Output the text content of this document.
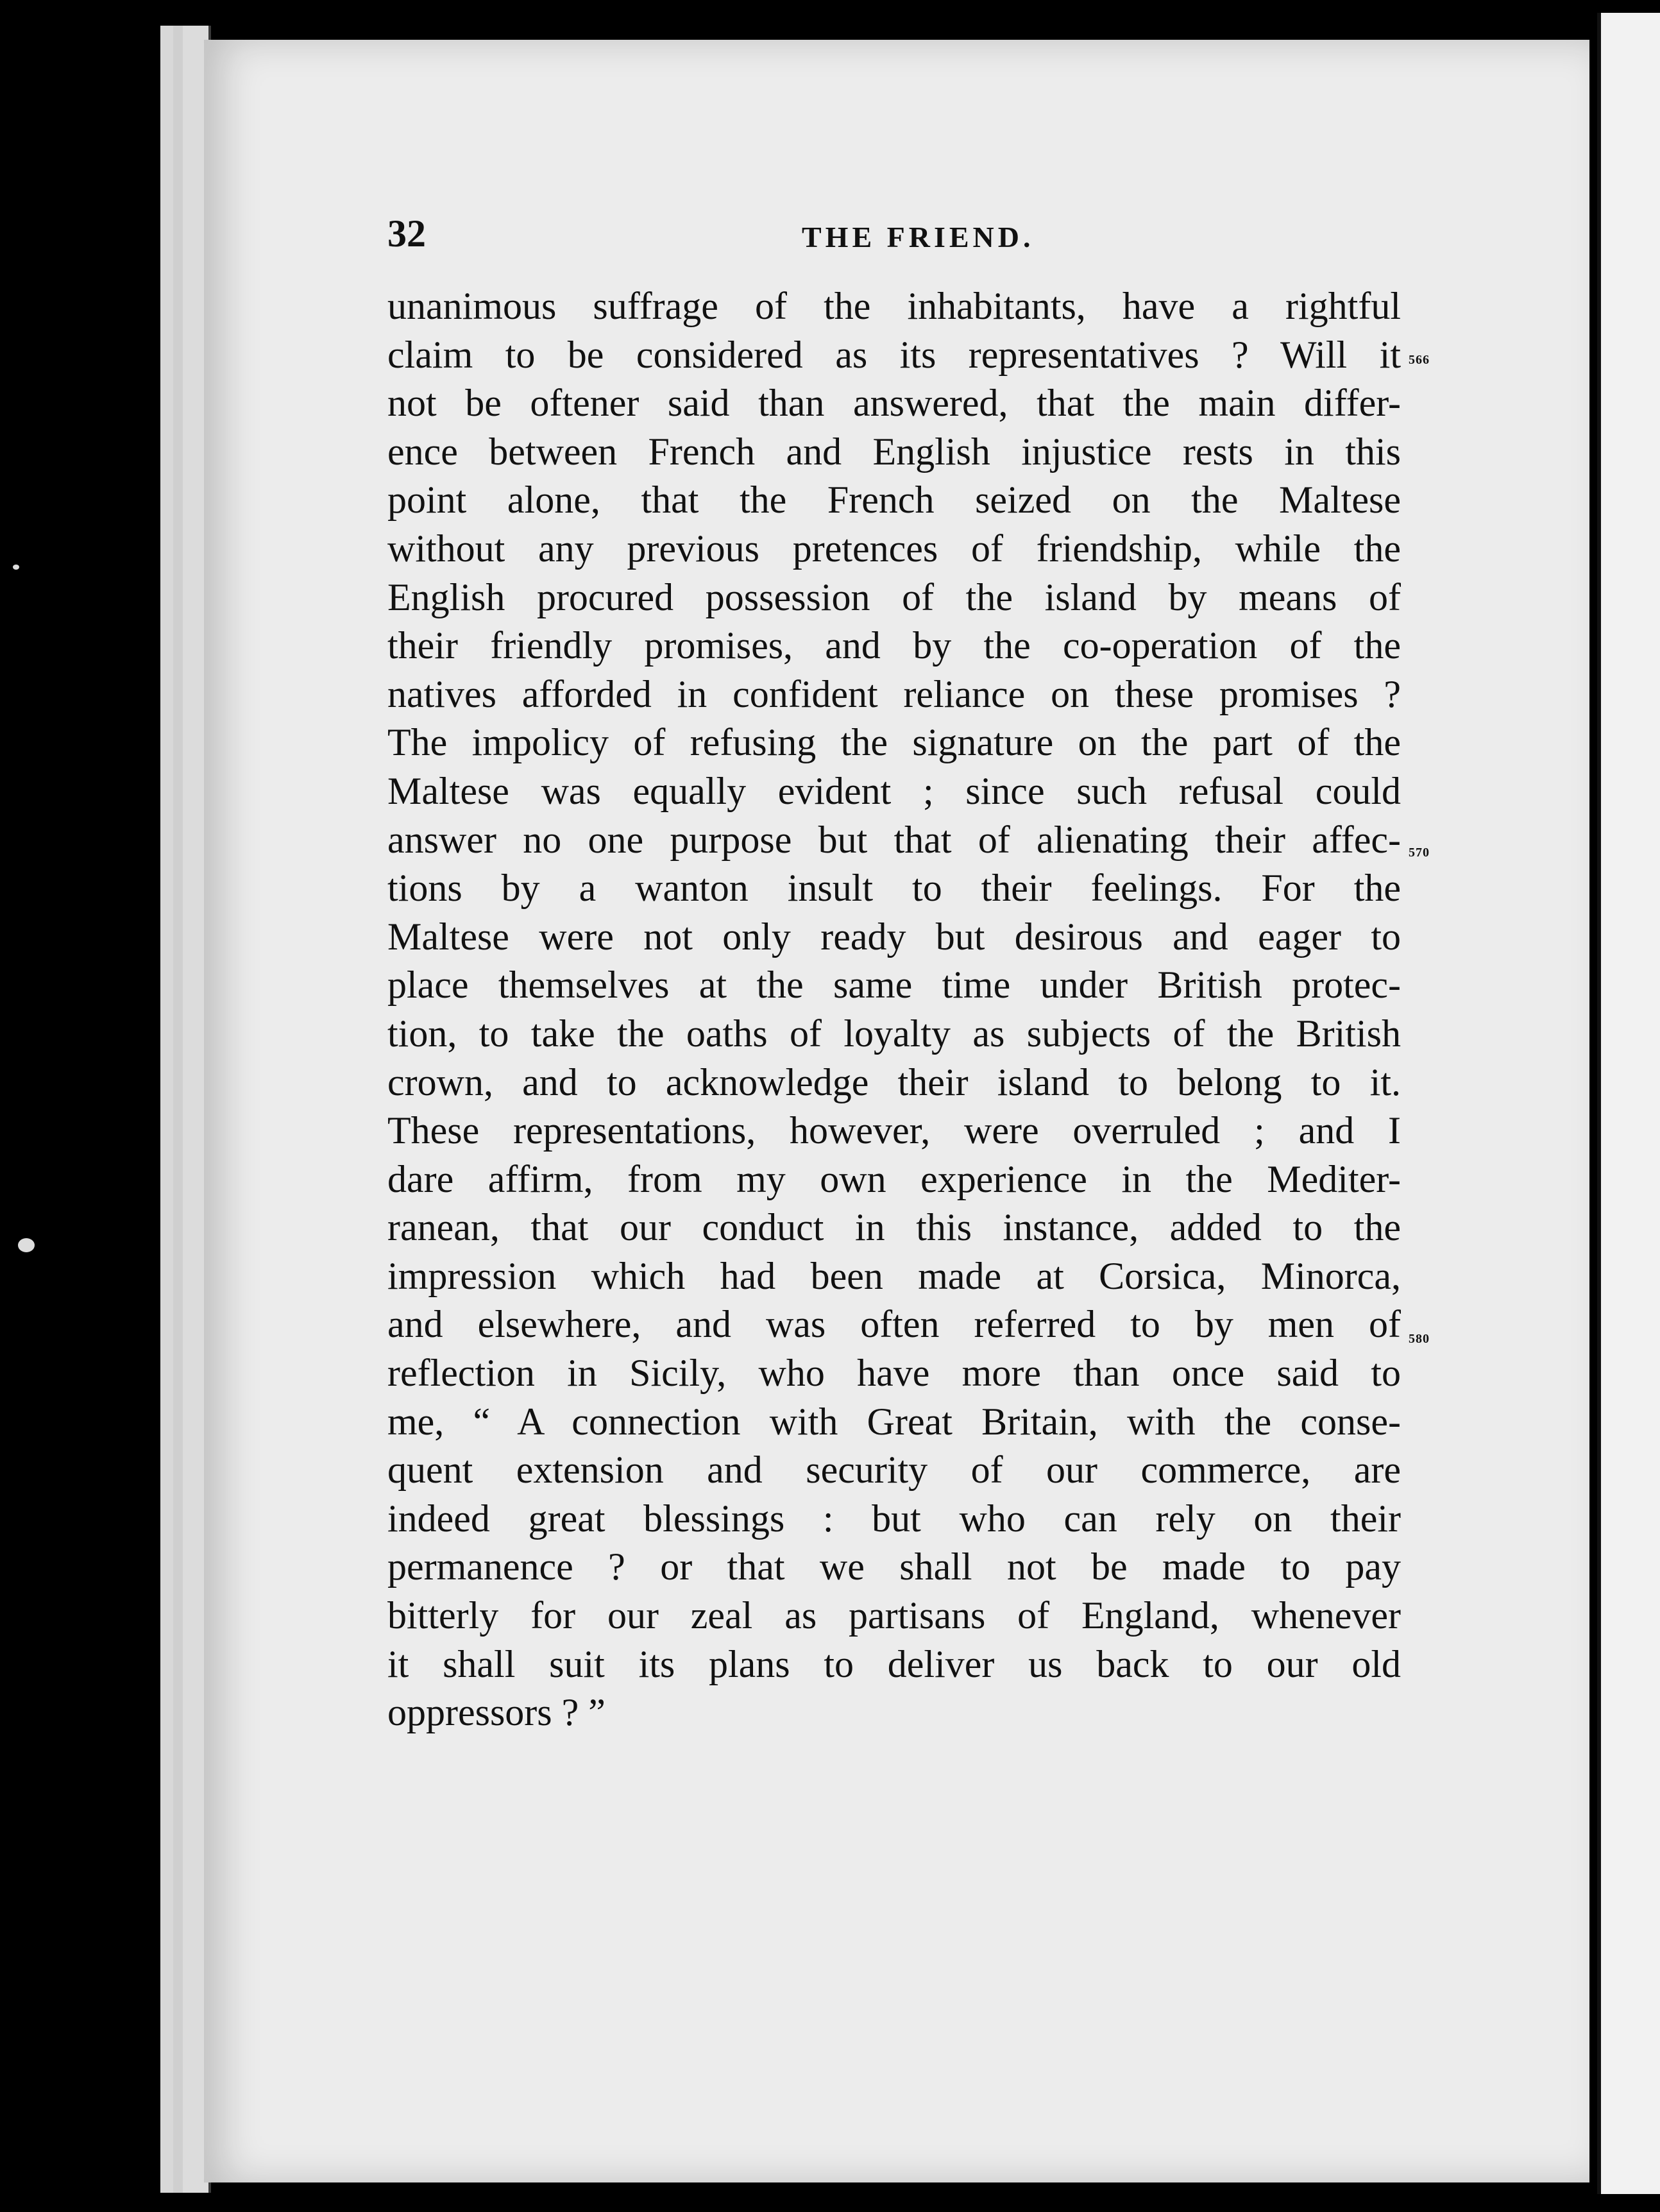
32	THE FRIEND.
unanimous suffrage of the inhabitants, have a rightful
claim to be considered as its representatives ? Will it
not be oftener said than answered, that the main differ-
ence between French and English injustice rests in this
point alone, that the French seized on the Maltese
without any previous pretences of friendship, while the
English procured possession of the island by means of
their friendly promises, and by the co-operation of the
natives afforded in confident reliance on these promises ?
The impolicy of refusing the signature on the part of the
Maltese was equally evident ; since such refusal could
answer no one purpose but that of alienating their affec-
tions by a wanton insult to their feelings. For the
Maltese were not only ready but desirous and eager to
place themselves at the same time under British protec-
tion, to take the oaths of loyalty as subjects of the British
crown, and to acknowledge their island to belong to it.
These representations, however, were overruled ; and I
dare affirm, from my own experience in the Mediter-
ranean, that our conduct in this instance, added to the
impression which had been made at Corsica, Minorca,
and elsewhere, and was often referred to by men of
reflection in Sicily, who have more than once said to
me, “ A connection with Great Britain, with the conse-
quent extension and security of our commerce, are
indeed great blessings : but who can rely on their
permanence ? or that we shall not be made to pay
bitterly for our zeal as partisans of England, whenever
it shall suit its plans to deliver us back to our old
oppressors ? ”
566
570
580
